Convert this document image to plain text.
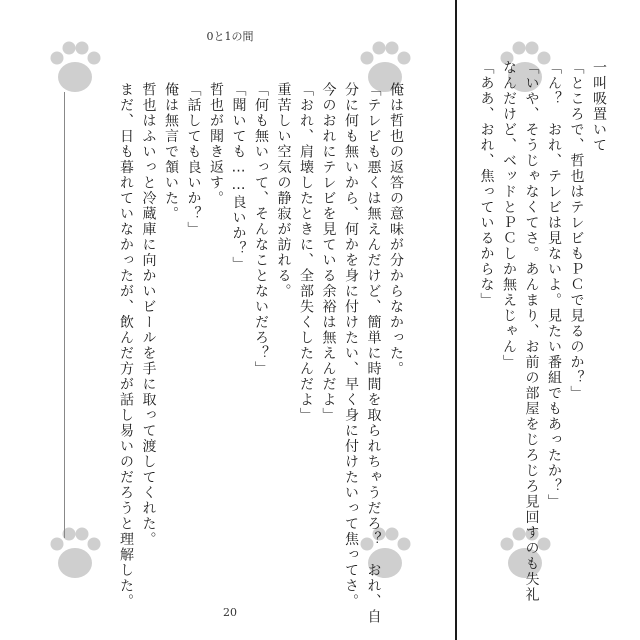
0と1の間
俺は哲也の返答の意味が分からなかった。
「テレビも悪くは無えんだけど、簡単に時間を取られちゃうだろ？　おれ、自
分に何も無いから、何かを身に付けたい、早く身に付けたいって焦ってさ。
今のおれにテレビを見ている余裕は無えんだよ」
「おれ、肩壊したときに、全部失くしたんだよ」
重苦しい空気の静寂が訪れる。
「何も無いって、そんなことないだろ？」
「聞いても……良いか？」
哲也が聞き返す。
「話しても良いか？」
俺は無言で頷いた。
哲也はふいっと冷蔵庫に向かいビールを手に取って渡してくれた。
まだ、日も暮れていなかったが、飲んだ方が話し易いのだろうと理解した。
20
一叫吸置いて
「ところで、哲也はテレビもＰＣで見るのか？」
「ん？　おれ、テレビは見ないよ。見たい番組でもあったか？」
「いや、そうじゃなくてさ。あんまり、お前の部屋をじろじろ見回すのも失礼
なんだけど、ベッドとＰＣしか無えじゃん」
「ああ、おれ、焦っているからな」
